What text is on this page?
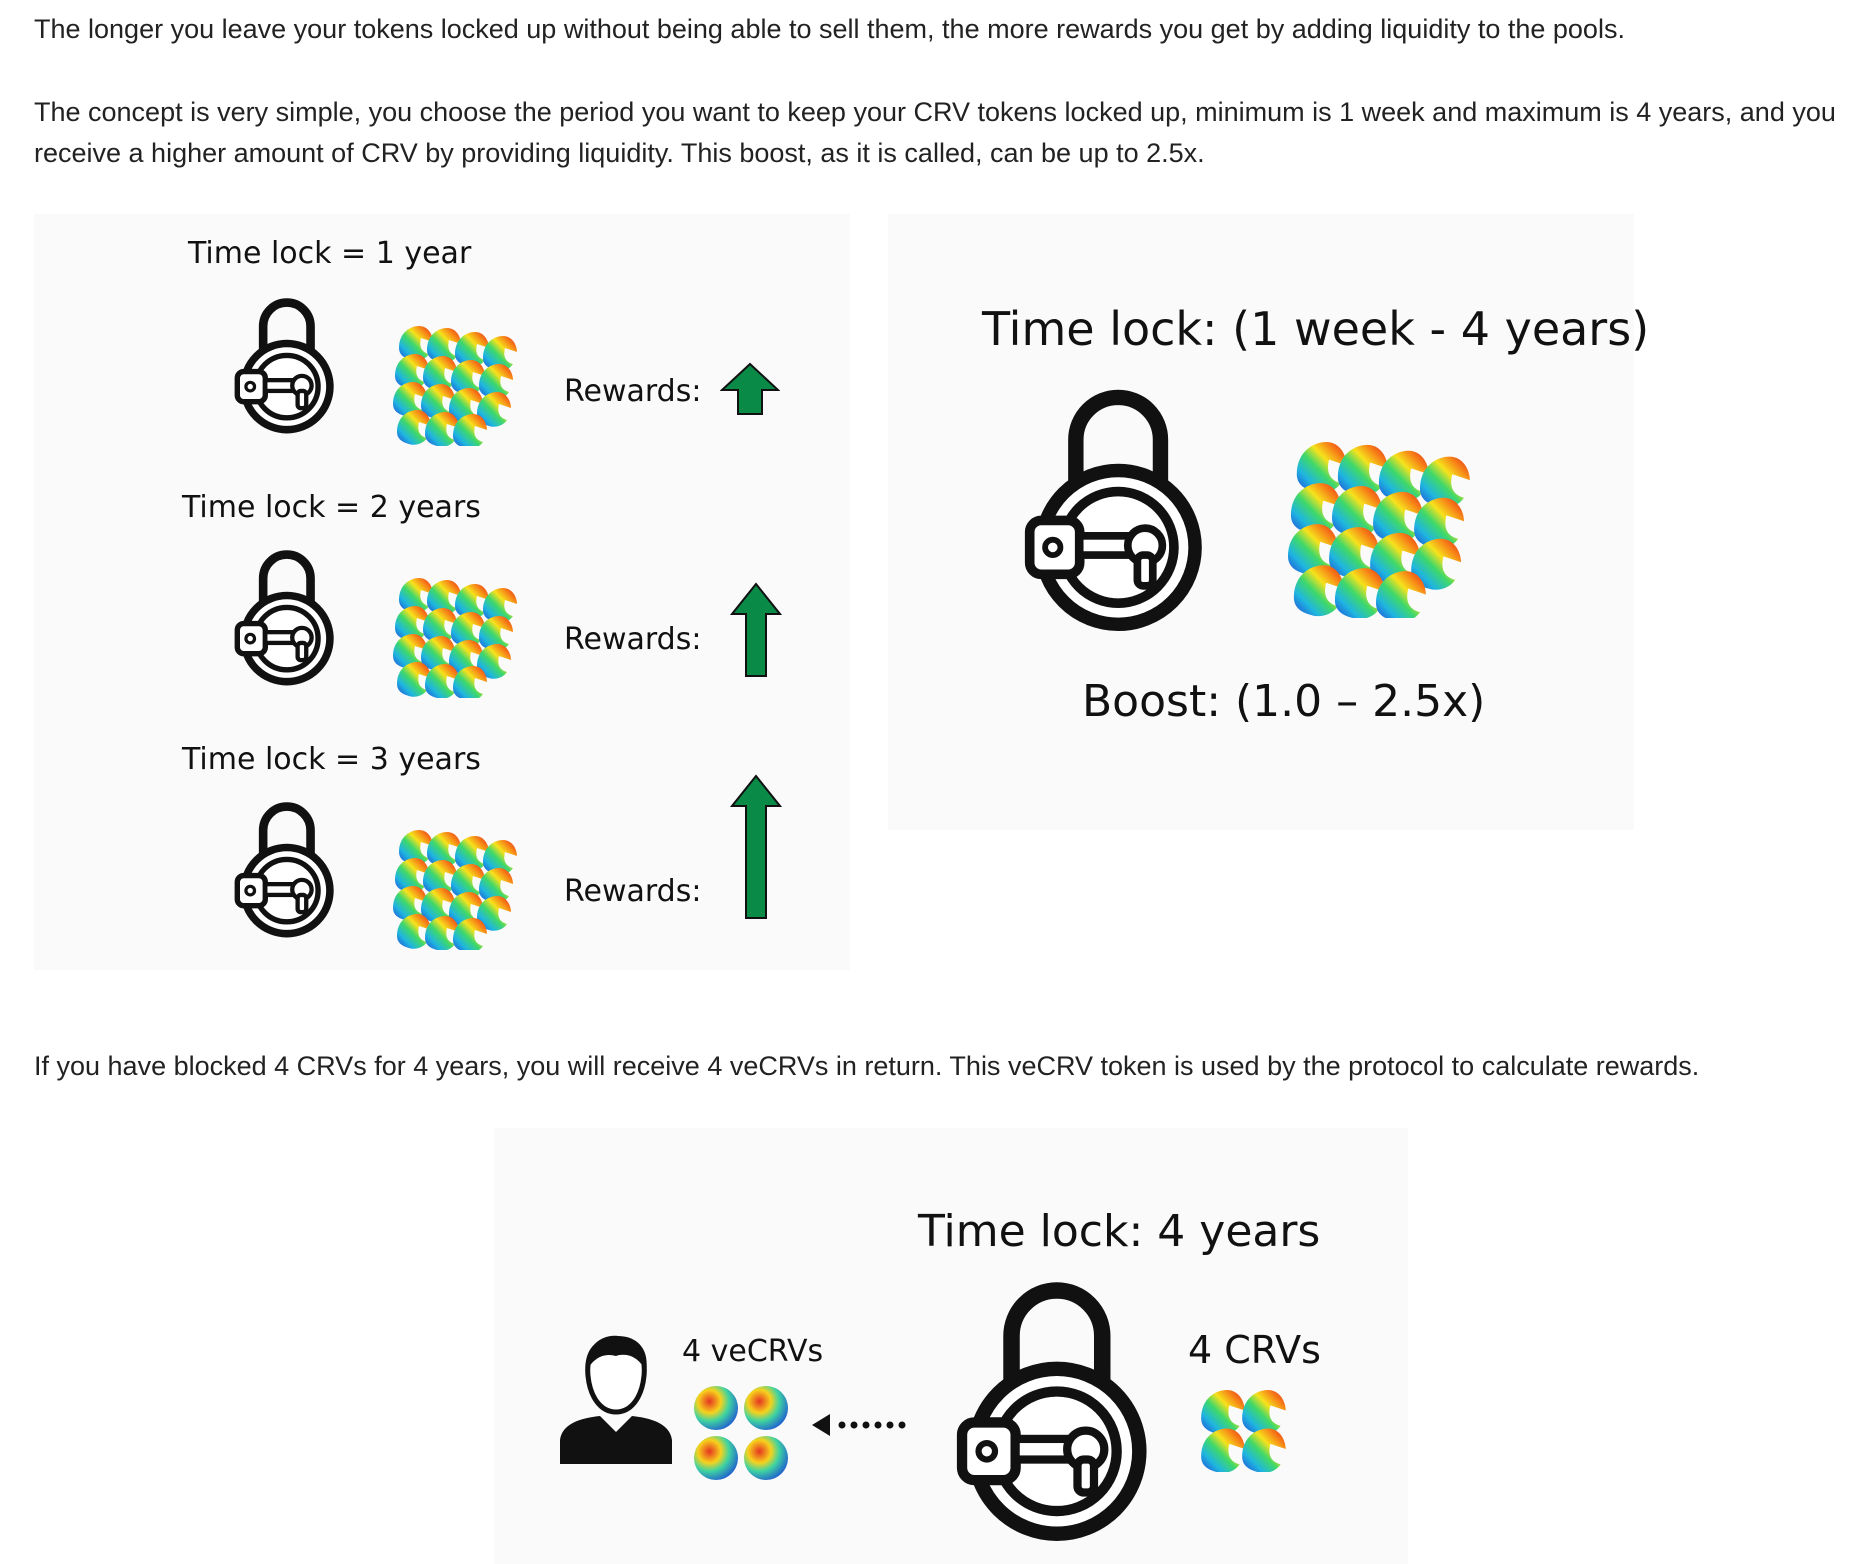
The longer you leave your tokens locked up without being able to sell them, the more rewards you get by adding liquidity to the pools.

The concept is very simple, you choose the period you want to keep your CRV tokens locked up, minimum is 1 week and maximum is 4 years, and you receive a higher amount of CRV by providing liquidity. This boost, as it is called, can be up to 2.5x.

Time lock = 1 year
Rewards:
Time lock = 2 years
Rewards:
Time lock = 3 years
Rewards:
Time lock: (1 week - 4 years)
Boost: (1.0 – 2.5x)

If you have blocked 4 CRVs for 4 years, you will receive 4 veCRVs in return. This veCRV token is used by the protocol to calculate rewards.

Time lock: 4 years
4 veCRVs	4 CRVs
